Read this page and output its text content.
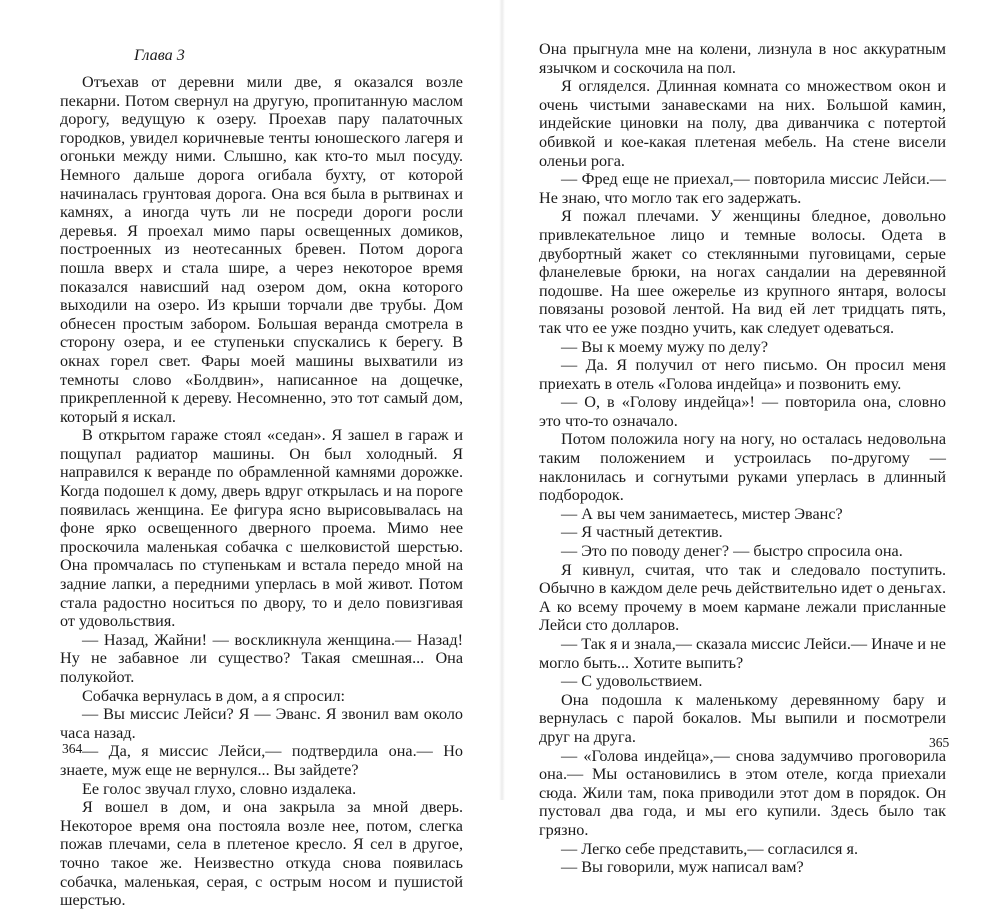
Глава 3

Отъехав от деревни мили две, я оказался возле пекарни. Потом свернул на другую, пропитанную маслом дорогу, ведущую к озеру. Проехав пару палаточных городков, увидел коричневые тенты юношеского лагеря и огоньки между ними. Слышно, как кто-то мыл посуду. Немного дальше дорога огибала бухту, от которой начиналась грунтовая дорога. Она вся была в рытвинах и камнях, а иногда чуть ли не посреди дороги росли деревья. Я проехал мимо пары освещенных домиков, построенных из неотесанных бревен. Потом дорога пошла вверх и стала шире, а через некоторое время показался нависший над озером дом, окна которого выходили на озеро. Из крыши торчали две трубы. Дом обнесен простым забором. Большая веранда смотрела в сторону озера, и ее ступеньки спускались к берегу. В окнах горел свет. Фары моей машины выхватили из темноты слово «Болдвин», написанное на дощечке, прикрепленной к дереву. Несомненно, это тот самый дом, который я искал.

В открытом гараже стоял «седан». Я зашел в гараж и пощупал радиатор машины. Он был холодный. Я направился к веранде по обрамленной камнями дорожке. Когда подошел к дому, дверь вдруг открылась и на пороге появилась женщина. Ее фигура ясно вырисовывалась на фоне ярко освещенного дверного проема. Мимо нее проскочила маленькая собачка с шелковистой шерстью. Она промчалась по ступенькам и встала передо мной на задние лапки, а передними уперлась в мой живот. Потом стала радостно носиться по двору, то и дело повизгивая от удовольствия.

— Назад, Жайни! — воскликнула женщина.— Назад! Ну не забавное ли существо? Такая смешная... Она полукойот.

Собачка вернулась в дом, а я спросил:

— Вы миссис Лейси? Я — Эванс. Я звонил вам около часа назад.

— Да, я миссис Лейси,— подтвердила она.— Но знаете, муж еще не вернулся... Вы зайдете?

Ее голос звучал глухо, словно издалека.

Я вошел в дом, и она закрыла за мной дверь. Некоторое время она постояла возле нее, потом, слегка пожав плечами, села в плетеное кресло. Я сел в другое, точно такое же. Неизвестно откуда снова появилась собачка, маленькая, серая, с острым носом и пушистой шерстью.

364

Она прыгнула мне на колени, лизнула в нос аккуратным язычком и соскочила на пол.

Я огляделся. Длинная комната со множеством окон и очень чистыми занавесками на них. Большой камин, индейские циновки на полу, два диванчика с потертой обивкой и кое-какая плетеная мебель. На стене висели оленьи рога.

— Фред еще не приехал,— повторила миссис Лейси.— Не знаю, что могло так его задержать.

Я пожал плечами. У женщины бледное, довольно привлекательное лицо и темные волосы. Одета в двубортный жакет со стеклянными пуговицами, серые фланелевые брюки, на ногах сандалии на деревянной подошве. На шее ожерелье из крупного янтаря, волосы повязаны розовой лентой. На вид ей лет тридцать пять, так что ее уже поздно учить, как следует одеваться.

— Вы к моему мужу по делу?

— Да. Я получил от него письмо. Он просил меня приехать в отель «Голова индейца» и позвонить ему.

— О, в «Голову индейца»! — повторила она, словно это что-то означало.

Потом положила ногу на ногу, но осталась недовольна таким положением и устроилась по-другому — наклонилась и согнутыми руками уперлась в длинный подбородок.

— А вы чем занимаетесь, мистер Эванс?

— Я частный детектив.

— Это по поводу денег? — быстро спросила она.

Я кивнул, считая, что так и следовало поступить. Обычно в каждом деле речь действительно идет о деньгах. А ко всему прочему в моем кармане лежали присланные Лейси сто долларов.

— Так я и знала,— сказала миссис Лейси.— Иначе и не могло быть... Хотите выпить?

— С удовольствием.

Она подошла к маленькому деревянному бару и вернулась с парой бокалов. Мы выпили и посмотрели друг на друга.

— «Голова индейца»,— снова задумчиво проговорила она.— Мы остановились в этом отеле, когда приехали сюда. Жили там, пока приводили этот дом в порядок. Он пустовал два года, и мы его купили. Здесь было так грязно.

— Легко себе представить,— согласился я.

— Вы говорили, муж написал вам?

365
